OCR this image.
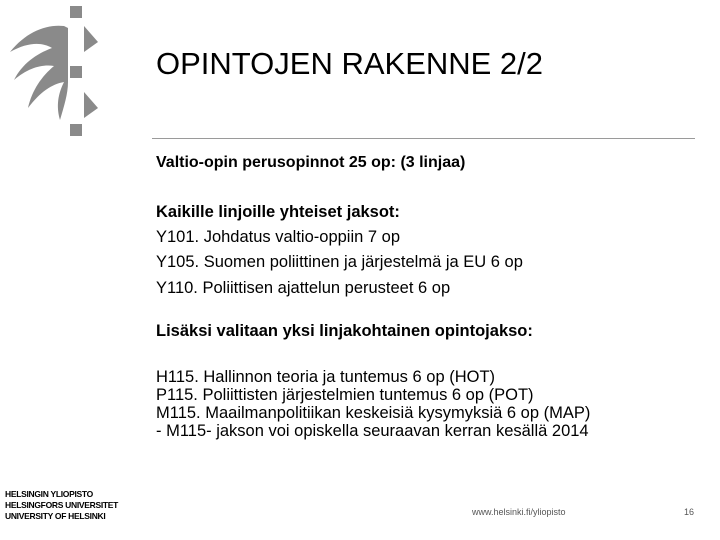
OPINTOJEN RAKENNE 2/2
Valtio-opin perusopinnot 25 op: (3 linjaa)
Kaikille linjoille yhteiset jaksot:
Y101. Johdatus valtio-oppiin 7 op
Y105. Suomen poliittinen ja järjestelmä ja EU 6 op
Y110. Poliittisen ajattelun perusteet 6 op
Lisäksi valitaan yksi linjakohtainen opintojakso:
H115. Hallinnon teoria ja tuntemus 6 op (HOT)
P115. Poliittisten järjestelmien tuntemus 6 op (POT)
M115. Maailmanpolitiikan keskeisiä kysymyksiä 6 op (MAP)
- M115- jakson voi opiskella seuraavan kerran kesällä 2014
HELSINGIN YLIOPISTO
HELSINGFORS UNIVERSITET
UNIVERSITY OF HELSINKI	www.helsinki.fi/yliopisto	16
